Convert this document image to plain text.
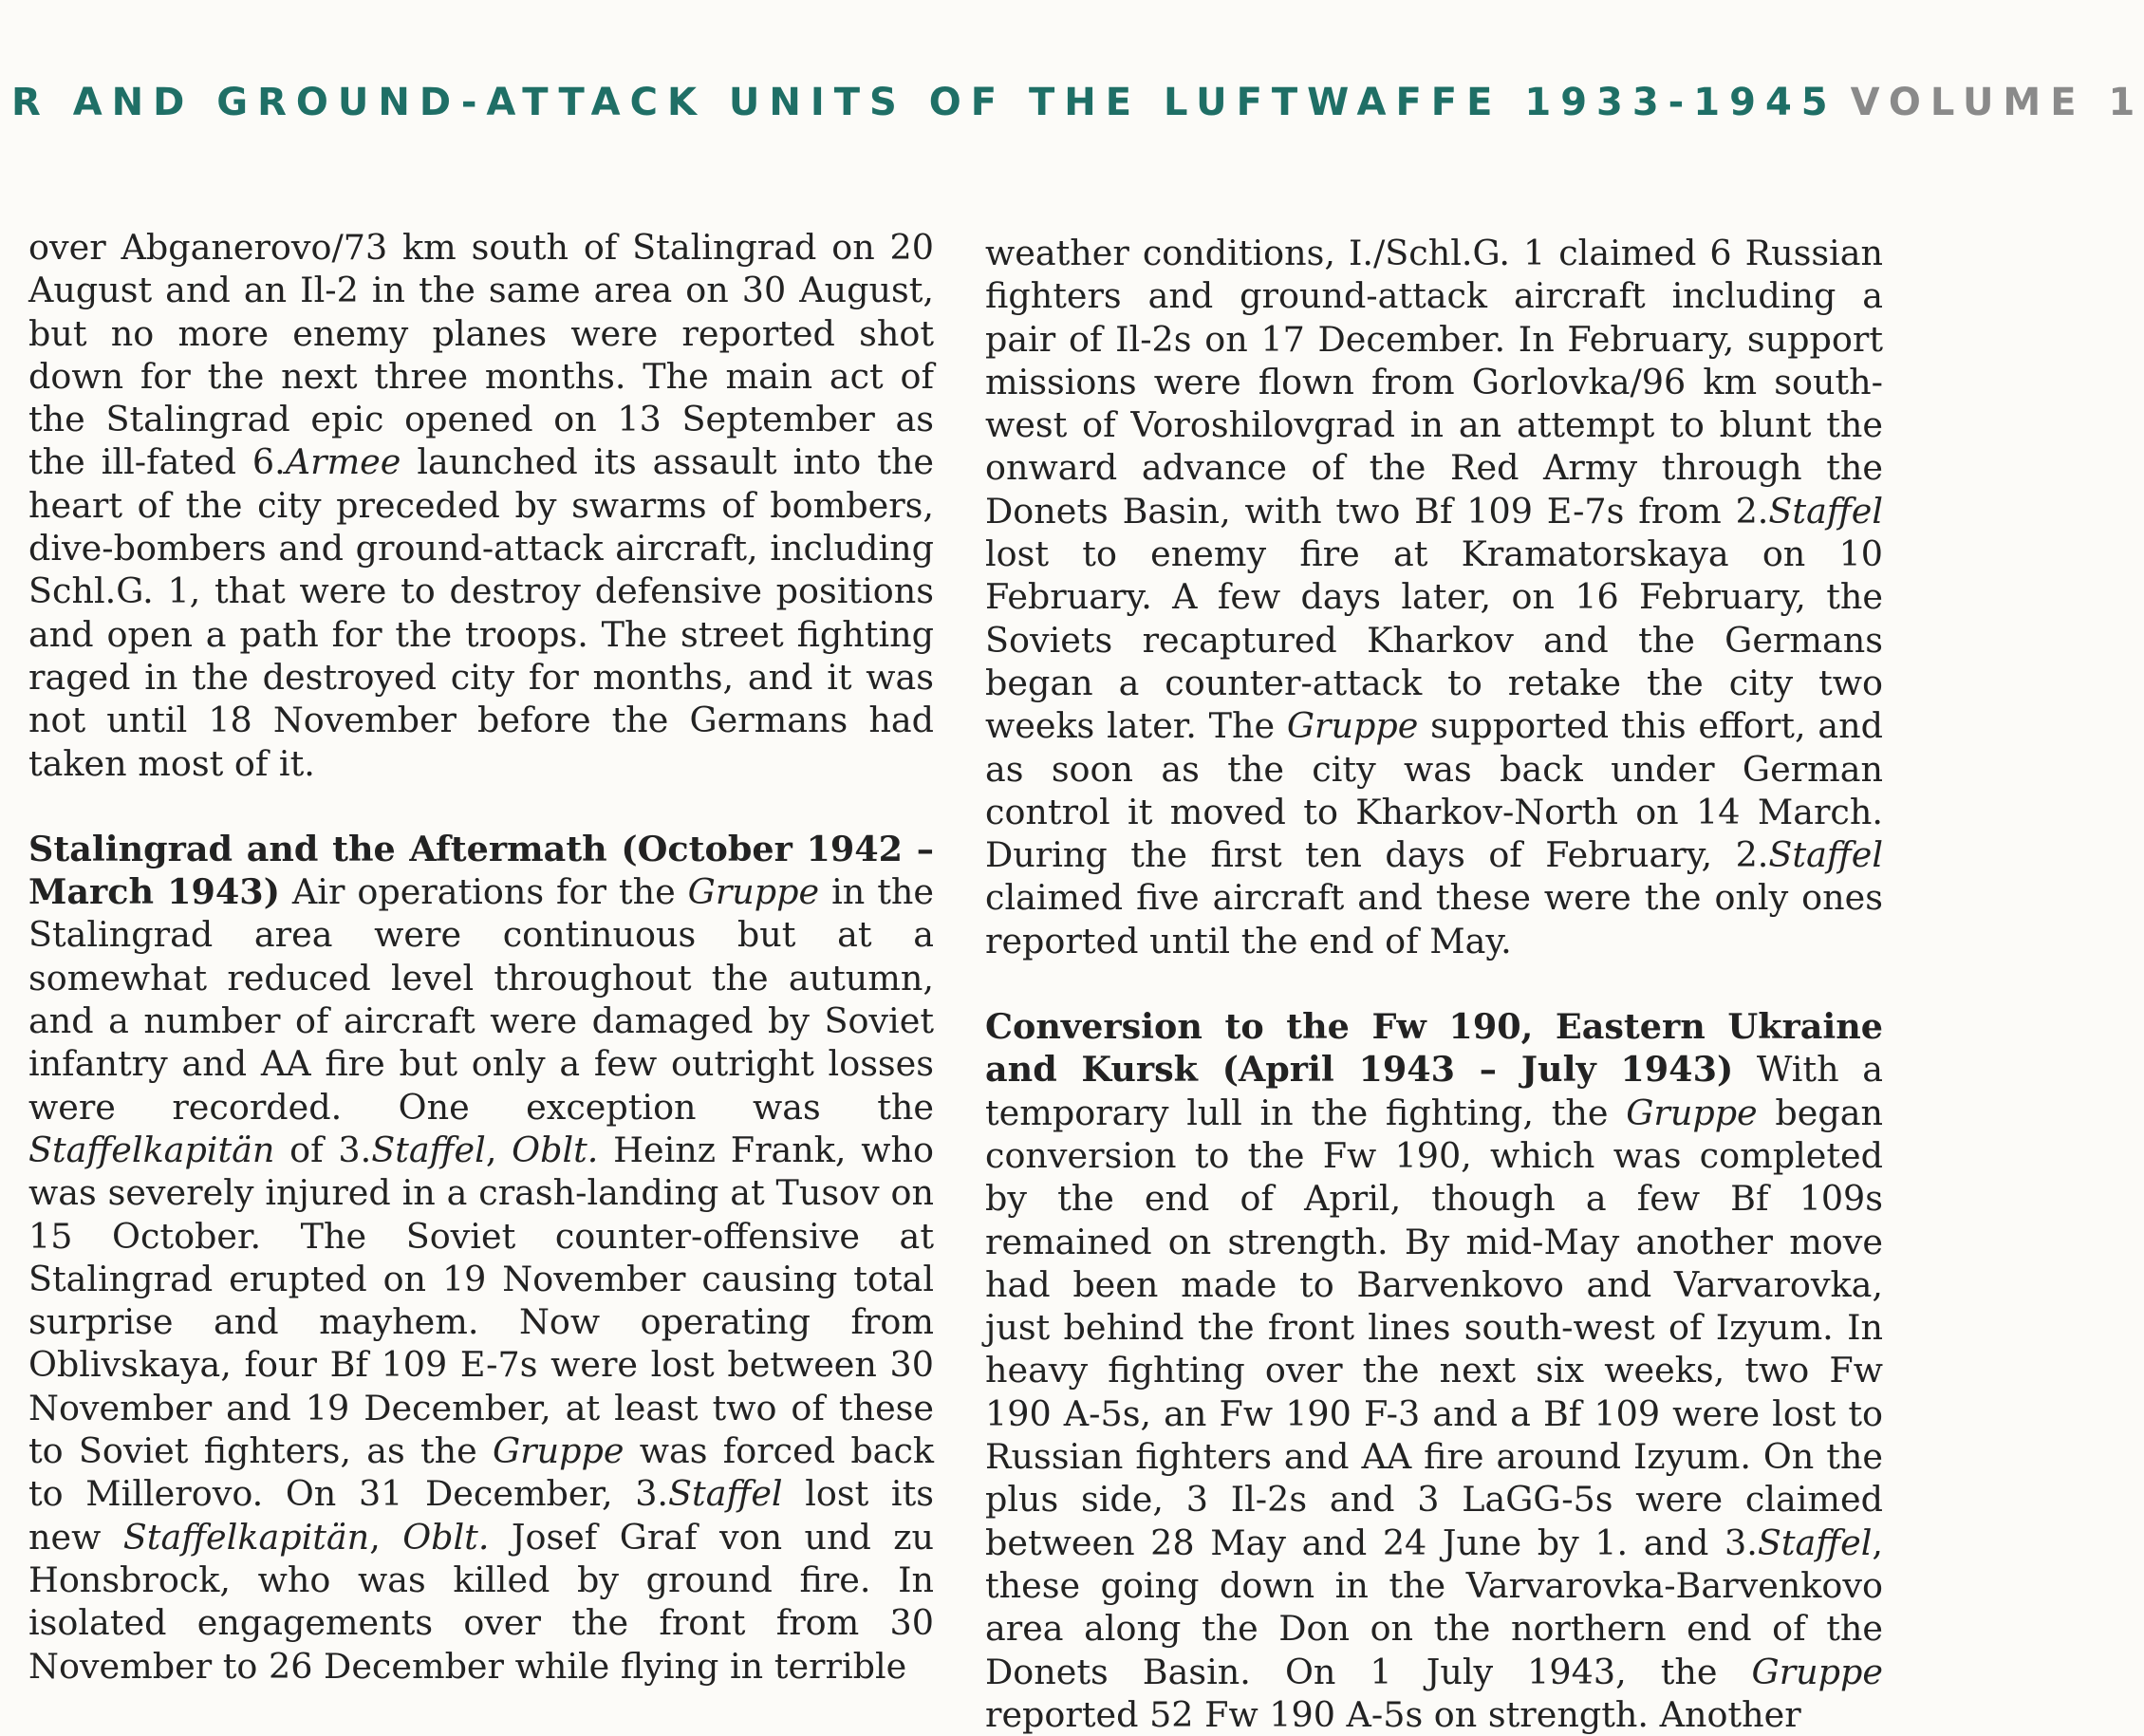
R AND GROUND-ATTACK UNITS OF THE LUFTWAFFE 1933-1945 VOLUME 1

over Abganerovo/73 km south of Stalingrad on 20 August and an Il-2 in the same area on 30 August, but no more enemy planes were reported shot down for the next three months. The main act of the Stalingrad epic opened on 13 September as the ill-fated 6.Armee launched its assault into the heart of the city preceded by swarms of bombers, dive-bombers and ground-attack aircraft, including Schl.G. 1, that were to destroy defensive positions and open a path for the troops. The street fighting raged in the destroyed city for months, and it was not until 18 November before the Germans had taken most of it.

Stalingrad and the Aftermath (October 1942 – March 1943) Air operations for the Gruppe in the Stalingrad area were continuous but at a somewhat reduced level throughout the autumn, and a number of aircraft were damaged by Soviet infantry and AA fire but only a few outright losses were recorded. One exception was the Staffelkapitän of 3.Staffel, Oblt. Heinz Frank, who was severely injured in a crash-landing at Tusov on 15 October. The Soviet counter-offensive at Stalingrad erupted on 19 November causing total surprise and mayhem. Now operating from Oblivskaya, four Bf 109 E-7s were lost between 30 November and 19 December, at least two of these to Soviet fighters, as the Gruppe was forced back to Millerovo. On 31 December, 3.Staffel lost its new Staffelkapitän, Oblt. Josef Graf von und zu Honsbrock, who was killed by ground fire. In isolated engagements over the front from 30 November to 26 December while flying in terrible

weather conditions, I./Schl.G. 1 claimed 6 Russian fighters and ground-attack aircraft including a pair of Il-2s on 17 December. In February, support missions were flown from Gorlovka/96 km south-west of Voroshilovgrad in an attempt to blunt the onward advance of the Red Army through the Donets Basin, with two Bf 109 E-7s from 2.Staffel lost to enemy fire at Kramatorskaya on 10 February. A few days later, on 16 February, the Soviets recaptured Kharkov and the Germans began a counter-attack to retake the city two weeks later. The Gruppe supported this effort, and as soon as the city was back under German control it moved to Kharkov-North on 14 March. During the first ten days of February, 2.Staffel claimed five aircraft and these were the only ones reported until the end of May.

Conversion to the Fw 190, Eastern Ukraine and Kursk (April 1943 – July 1943) With a temporary lull in the fighting, the Gruppe began conversion to the Fw 190, which was completed by the end of April, though a few Bf 109s remained on strength. By mid-May another move had been made to Barvenkovo and Varvarovka, just behind the front lines south-west of Izyum. In heavy fighting over the next six weeks, two Fw 190 A-5s, an Fw 190 F-3 and a Bf 109 were lost to Russian fighters and AA fire around Izyum. On the plus side, 3 Il-2s and 3 LaGG-5s were claimed between 28 May and 24 June by 1. and 3.Staffel, these going down in the Varvarovka-Barvenkovo area along the Don on the northern end of the Donets Basin. On 1 July 1943, the Gruppe reported 52 Fw 190 A-5s on strength. Another
